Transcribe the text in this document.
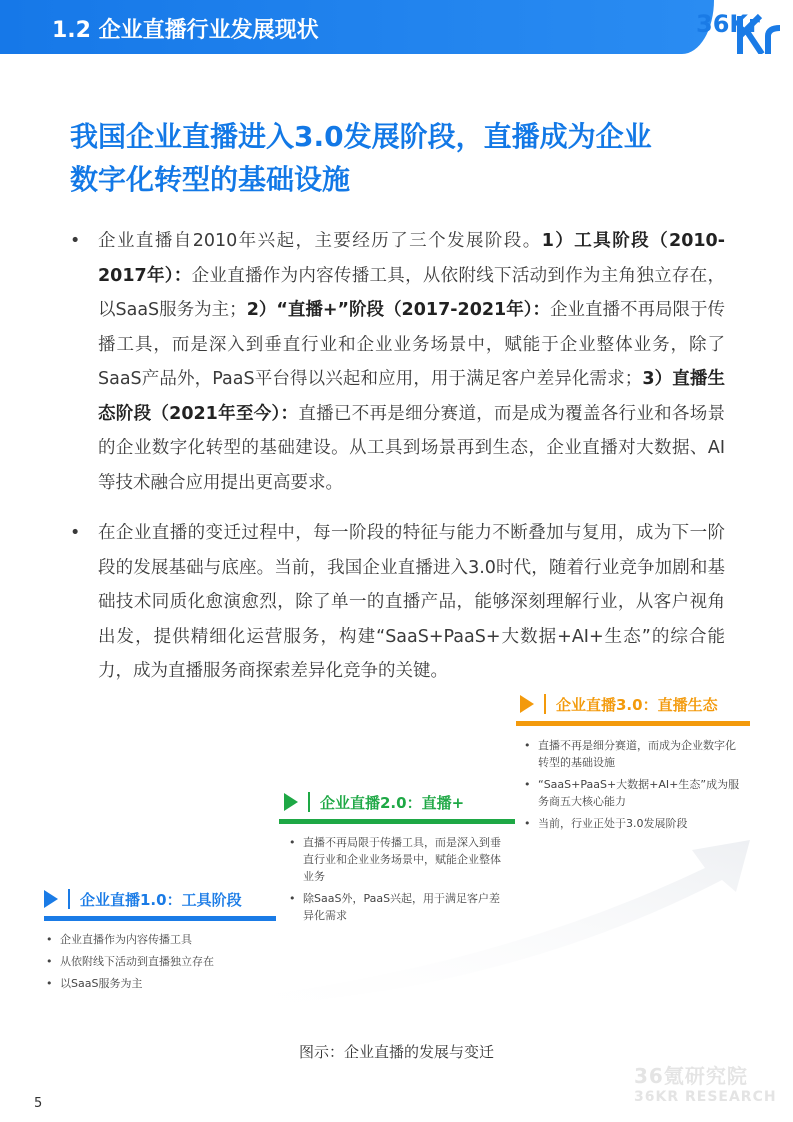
1.2 企业直播行业发展现状	36Kr
我国企业直播进入3.0发展阶段，直播成为企业
数字化转型的基础设施

• 企业直播自2010年兴起，主要经历了三个发展阶段。1）工具阶段（2010-2017年）：企业直播作为内容传播工具，从依附线下活动到作为主角独立存在，以SaaS服务为主；2）“直播+”阶段（2017-2021年）：企业直播不再局限于传播工具，而是深入到垂直行业和企业业务场景中，赋能于企业整体业务，除了SaaS产品外，PaaS平台得以兴起和应用，用于满足客户差异化需求；3）直播生态阶段（2021年至今）：直播已不再是细分赛道，而是成为覆盖各行业和各场景的企业数字化转型的基础建设。从工具到场景再到生态，企业直播对大数据、AI等技术融合应用提出更高要求。

• 在企业直播的变迁过程中，每一阶段的特征与能力不断叠加与复用，成为下一阶段的发展基础与底座。当前，我国企业直播进入3.0时代，随着行业竞争加剧和基础技术同质化愈演愈烈，除了单一的直播产品，能够深刻理解行业，从客户视角出发，提供精细化运营服务，构建“SaaS+PaaS+大数据+AI+生态”的综合能力，成为直播服务商探索差异化竞争的关键。

企业直播1.0：工具阶段
• 企业直播作为内容传播工具
• 从依附线下活动到直播独立存在
• 以SaaS服务为主
企业直播2.0：直播+
• 直播不再局限于传播工具，而是深入到垂直行业和企业业务场景中，赋能企业整体业务
• 除SaaS外，PaaS兴起，用于满足客户差异化需求
企业直播3.0：直播生态
• 直播不再是细分赛道，而成为企业数字化转型的基础设施
• “SaaS+PaaS+大数据+AI+生态”成为服务商五大核心能力
• 当前，行业正处于3.0发展阶段
图示：企业直播的发展与变迁
36氪研究院
36KR RESEARCH
5
